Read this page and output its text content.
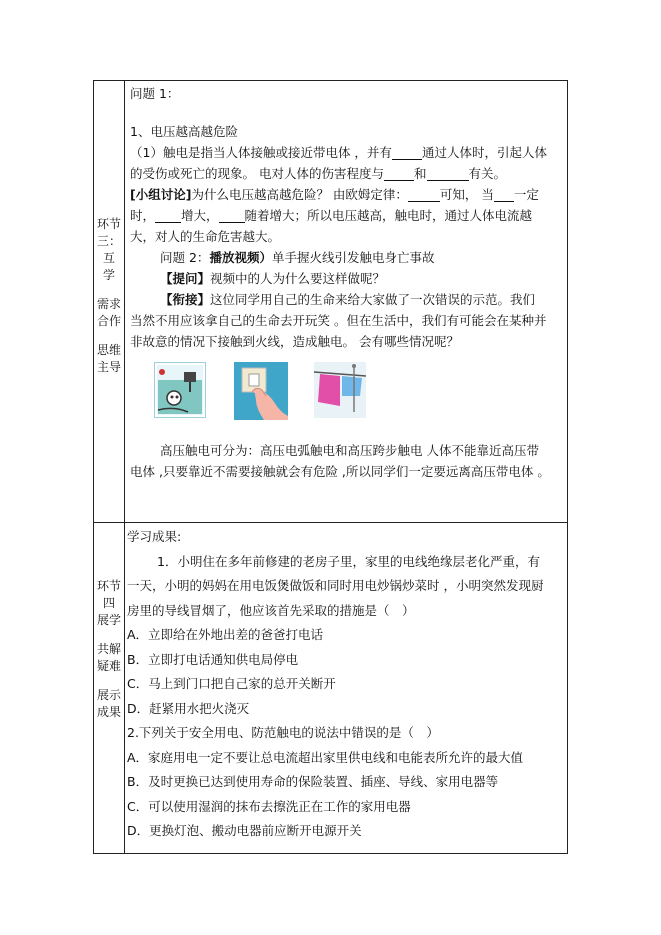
环节
三：
互
学
需求
合作
思维
主导

问题 1：

1、电压越高越危险

（1）触电是指当人体接触或接近带电体 ，并有 通过人体时，引起人体

的受伤或死亡的现象。 电对人体的伤害程度与 和	有关。

[小组讨论]为什么电压越高越危险？ 由欧姆定律：	可知， 当 一定

时， 增大， 随着增大；所以电压越高，触电时，通过人体电流越

大，对人的生命危害越大。

问题 2：播放视频）单手握火线引发触电身亡事故

【提问】视频中的人为什么要这样做呢？

【衔接】这位同学用自己的生命来给大家做了一次错误的示范。我们

当然不用应该拿自己的生命去开玩笑 。但在生活中，我们有可能会在某种并

非故意的情况下接触到火线，造成触电。 会有哪些情况呢？

高压触电可分为：高压电弧触电和高压跨步触电 人体不能靠近高压带

电体 ,只要靠近不需要接触就会有危险 ,所以同学们一定要远离高压带电体 。

环节
四
展学
共解
疑难
展示
成果

学习成果:

1．小明住在多年前修建的老房子里，家里的电线绝缘层老化严重，有

一天，小明的妈妈在用电饭煲做饭和同时用电炒锅炒菜时 ，小明突然发现厨

房里的导线冒烟了，他应该首先采取的措施是（　）

A．立即给在外地出差的爸爸打电话

B．立即打电话通知供电局停电

C．马上到门口把自己家的总开关断开

D．赶紧用水把火浇灭

2.下列关于安全用电、防范触电的说法中错误的是（　）

A．家庭用电一定不要让总电流超出家里供电线和电能表所允许的最大值

B．及时更换已达到使用寿命的保险装置、插座、导线、家用电器等

C．可以使用湿润的抹布去擦洗正在工作的家用电器

D．更换灯泡、搬动电器前应断开电源开关
